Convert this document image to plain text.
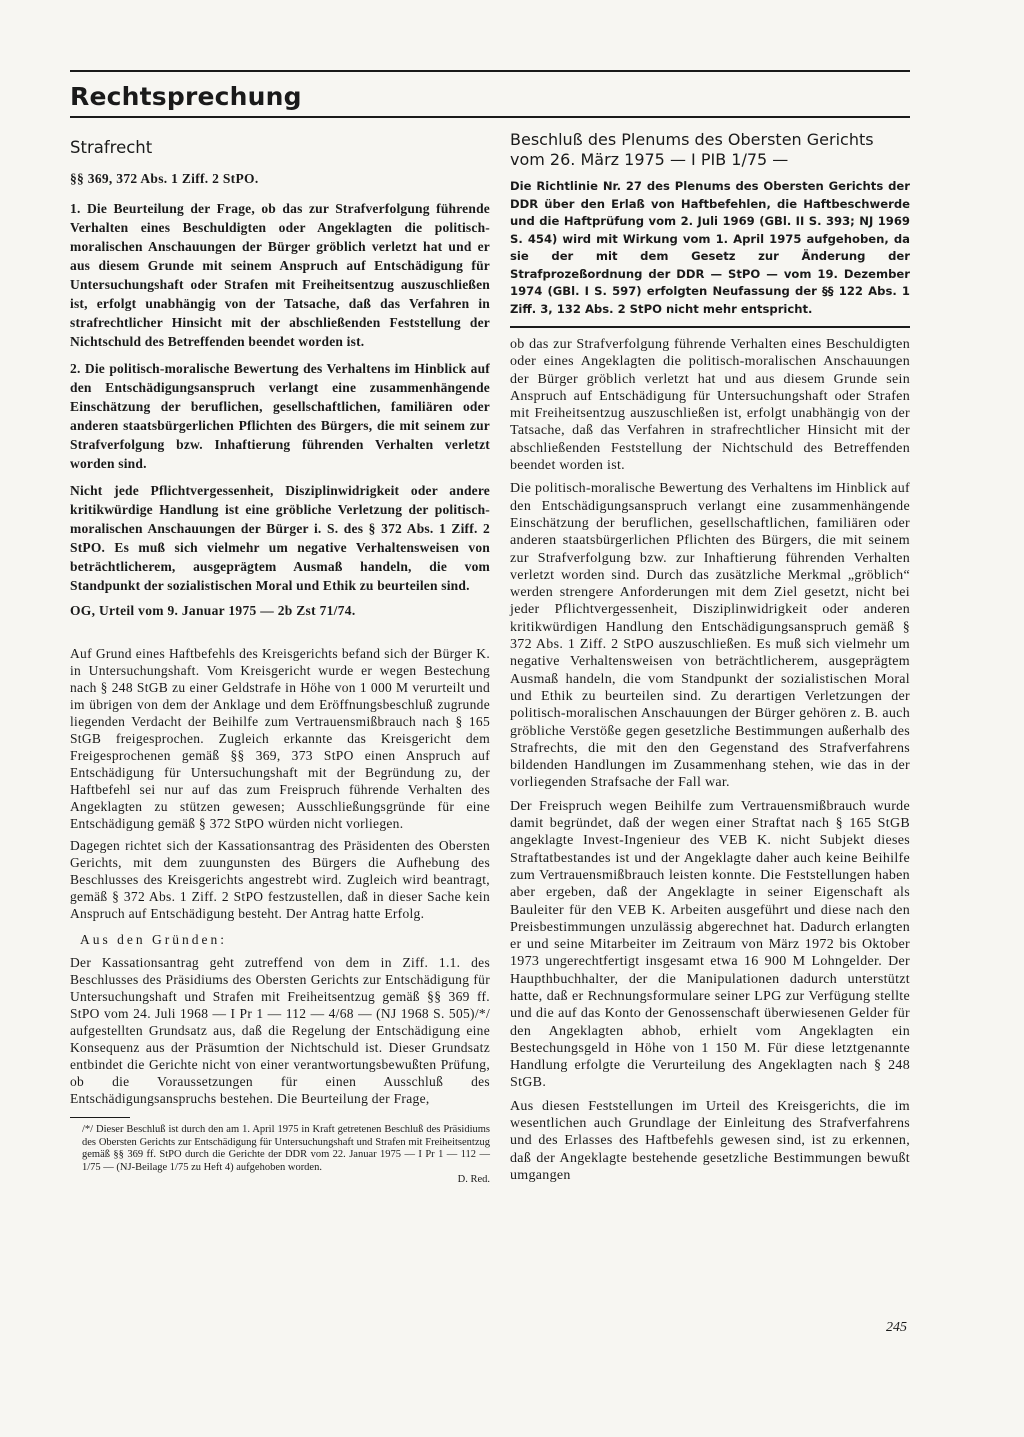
Rechtsprechung
Strafrecht

§§ 369, 372 Abs. 1 Ziff. 2 StPO.

1. Die Beurteilung der Frage, ob das zur Strafverfolgung führende Verhalten eines Beschuldigten oder Angeklagten die politisch-moralischen Anschauungen der Bürger gröblich verletzt hat und er aus diesem Grunde mit seinem Anspruch auf Entschädigung für Untersuchungshaft oder Strafen mit Freiheitsentzug auszuschließen ist, erfolgt unabhängig von der Tatsache, daß das Verfahren in strafrechtlicher Hinsicht mit der abschließenden Feststellung der Nichtschuld des Betreffenden beendet worden ist.

2. Die politisch-moralische Bewertung des Verhaltens im Hinblick auf den Entschädigungsanspruch verlangt eine zusammenhängende Einschätzung der beruflichen, gesellschaftlichen, familiären oder anderen staatsbürgerlichen Pflichten des Bürgers, die mit seinem zur Strafverfolgung bzw. Inhaftierung führenden Verhalten verletzt worden sind.

Nicht jede Pflichtvergessenheit, Disziplinwidrigkeit oder andere kritikwürdige Handlung ist eine gröbliche Verletzung der politisch-moralischen Anschauungen der Bürger i. S. des § 372 Abs. 1 Ziff. 2 StPO. Es muß sich vielmehr um negative Verhaltensweisen von beträchtlicherem, ausgeprägtem Ausmaß handeln, die vom Standpunkt der sozialistischen Moral und Ethik zu beurteilen sind.

OG, Urteil vom 9. Januar 1975 — 2b Zst 71/74.

Auf Grund eines Haftbefehls des Kreisgerichts befand sich der Bürger K. in Untersuchungshaft. Vom Kreisgericht wurde er wegen Bestechung nach § 248 StGB zu einer Geldstrafe in Höhe von 1 000 M verurteilt und im übrigen von dem der Anklage und dem Eröffnungsbeschluß zugrunde liegenden Verdacht der Beihilfe zum Vertrauensmißbrauch nach § 165 StGB freigesprochen. Zugleich erkannte das Kreisgericht dem Freigesprochenen gemäß §§ 369, 373 StPO einen Anspruch auf Entschädigung für Untersuchungshaft mit der Begründung zu, der Haftbefehl sei nur auf das zum Freispruch führende Verhalten des Angeklagten zu stützen gewesen; Ausschließungsgründe für eine Entschädigung gemäß § 372 StPO würden nicht vorliegen.

Dagegen richtet sich der Kassationsantrag des Präsidenten des Obersten Gerichts, mit dem zuungunsten des Bürgers die Aufhebung des Beschlusses des Kreisgerichts angestrebt wird. Zugleich wird beantragt, gemäß § 372 Abs. 1 Ziff. 2 StPO festzustellen, daß in dieser Sache kein Anspruch auf Entschädigung besteht. Der Antrag hatte Erfolg.

Aus den Gründen:

Der Kassationsantrag geht zutreffend von dem in Ziff. 1.1. des Beschlusses des Präsidiums des Obersten Gerichts zur Entschädigung für Untersuchungshaft und Strafen mit Freiheitsentzug gemäß §§ 369 ff. StPO vom 24. Juli 1968 — I Pr 1 — 112 — 4/68 — (NJ 1968 S. 505)/*/ aufgestellten Grundsatz aus, daß die Regelung der Entschädigung eine Konsequenz aus der Präsumtion der Nichtschuld ist. Dieser Grundsatz entbindet die Gerichte nicht von einer verantwortungsbewußten Prüfung, ob die Voraussetzungen für einen Ausschluß des Entschädigungsanspruchs bestehen. Die Beurteilung der Frage,

/*/ Dieser Beschluß ist durch den am 1. April 1975 in Kraft getretenen Beschluß des Präsidiums des Obersten Gerichts zur Entschädigung für Untersuchungshaft und Strafen mit Freiheitsentzug gemäß §§ 369 ff. StPO durch die Gerichte der DDR vom 22. Januar 1975 — I Pr 1 — 112 — 1/75 — (NJ-Beilage 1/75 zu Heft 4) aufgehoben worden.

D. Red.

Beschluß des Plenums des Obersten Gerichts vom 26. März 1975 — I PIB 1/75 —

Die Richtlinie Nr. 27 des Plenums des Obersten Gerichts der DDR über den Erlaß von Haftbefehlen, die Haftbeschwerde und die Haftprüfung vom 2. Juli 1969 (GBl. II S. 393; NJ 1969 S. 454) wird mit Wirkung vom 1. April 1975 aufgehoben, da sie der mit dem Gesetz zur Änderung der Strafprozeßordnung der DDR — StPO — vom 19. Dezember 1974 (GBl. I S. 597) erfolgten Neufassung der §§ 122 Abs. 1 Ziff. 3, 132 Abs. 2 StPO nicht mehr entspricht.

ob das zur Strafverfolgung führende Verhalten eines Beschuldigten oder eines Angeklagten die politisch-moralischen Anschauungen der Bürger gröblich verletzt hat und aus diesem Grunde sein Anspruch auf Entschädigung für Untersuchungshaft oder Strafen mit Freiheitsentzug auszuschließen ist, erfolgt unabhängig von der Tatsache, daß das Verfahren in strafrechtlicher Hinsicht mit der abschließenden Feststellung der Nichtschuld des Betreffenden beendet worden ist.

Die politisch-moralische Bewertung des Verhaltens im Hinblick auf den Entschädigungsanspruch verlangt eine zusammenhängende Einschätzung der beruflichen, gesellschaftlichen, familiären oder anderen staatsbürgerlichen Pflichten des Bürgers, die mit seinem zur Strafverfolgung bzw. zur Inhaftierung führenden Verhalten verletzt worden sind. Durch das zusätzliche Merkmal „gröblich“ werden strengere Anforderungen mit dem Ziel gesetzt, nicht bei jeder Pflichtvergessenheit, Disziplinwidrigkeit oder anderen kritikwürdigen Handlung den Entschädigungsanspruch gemäß § 372 Abs. 1 Ziff. 2 StPO auszuschließen. Es muß sich vielmehr um negative Verhaltensweisen von beträchtlicherem, ausgeprägtem Ausmaß handeln, die vom Standpunkt der sozialistischen Moral und Ethik zu beurteilen sind. Zu derartigen Verletzungen der politisch-moralischen Anschauungen der Bürger gehören z. B. auch gröbliche Verstöße gegen gesetzliche Bestimmungen außerhalb des Strafrechts, die mit den den Gegenstand des Strafverfahrens bildenden Handlungen im Zusammenhang stehen, wie das in der vorliegenden Strafsache der Fall war.

Der Freispruch wegen Beihilfe zum Vertrauensmißbrauch wurde damit begründet, daß der wegen einer Straftat nach § 165 StGB angeklagte Invest-Ingenieur des VEB K. nicht Subjekt dieses Straftatbestandes ist und der Angeklagte daher auch keine Beihilfe zum Vertrauensmißbrauch leisten konnte. Die Feststellungen haben aber ergeben, daß der Angeklagte in seiner Eigenschaft als Bauleiter für den VEB K. Arbeiten ausgeführt und diese nach den Preisbestimmungen unzulässig abgerechnet hat. Dadurch erlangten er und seine Mitarbeiter im Zeitraum von März 1972 bis Oktober 1973 ungerechtfertigt insgesamt etwa 16 900 M Lohngelder. Der Haupthbuchhalter, der die Manipulationen dadurch unterstützt hatte, daß er Rechnungsformulare seiner LPG zur Verfügung stellte und die auf das Konto der Genossenschaft überwiesenen Gelder für den Angeklagten abhob, erhielt vom Angeklagten ein Bestechungsgeld in Höhe von 1 150 M. Für diese letztgenannte Handlung erfolgte die Verurteilung des Angeklagten nach § 248 StGB.

Aus diesen Feststellungen im Urteil des Kreisgerichts, die im wesentlichen auch Grundlage der Einleitung des Strafverfahrens und des Erlasses des Haftbefehls gewesen sind, ist zu erkennen, daß der Angeklagte bestehende gesetzliche Bestimmungen bewußt umgangen

245
